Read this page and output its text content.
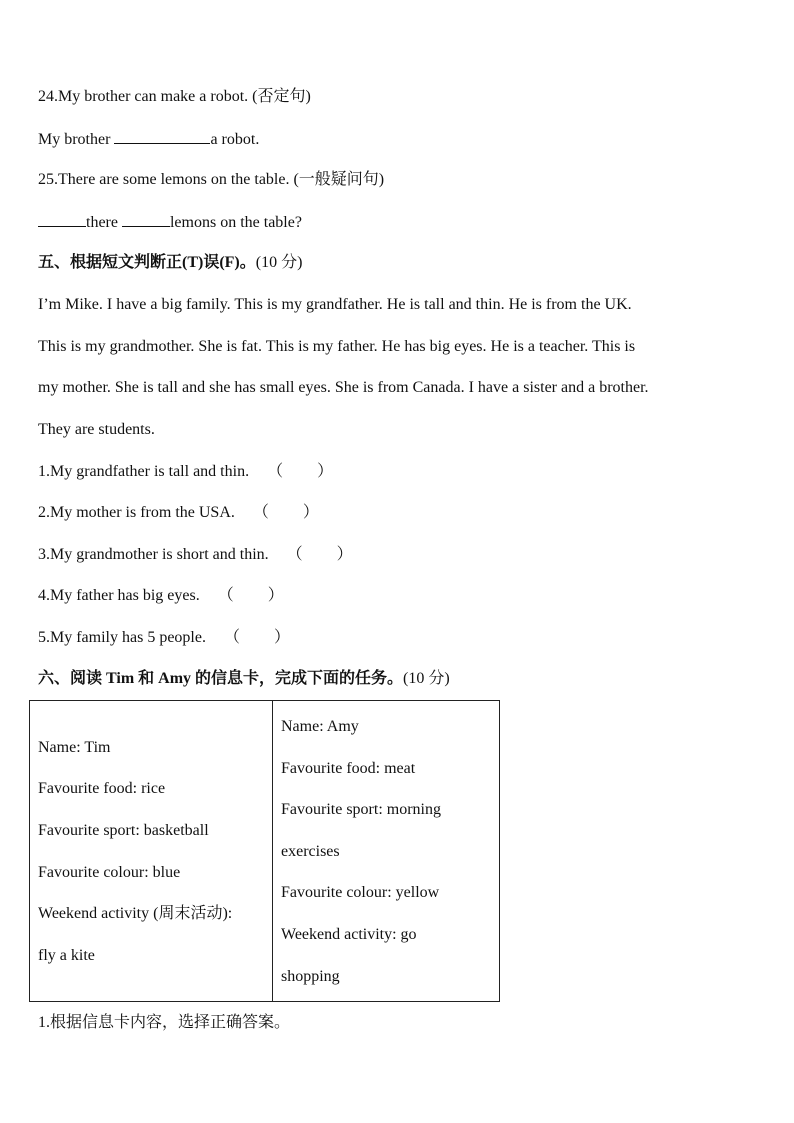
24.My brother can make a robot. (否定句)
My brother	a robot.
25.There are some lemons on the table. (一般疑问句)
there	lemons on the table?
五、根据短文判断正(T)误(F)。(10 分)
I’m Mike. I have a big family. This is my grandfather. He is tall and thin. He is from the UK.
This is my grandmother. She is fat. This is my father. He has big eyes. He is a teacher. This is
my mother. She is tall and she has small eyes. She is from Canada. I have a sister and a brother.
They are students.
1.My grandfather is tall and thin. （ ）
2.My mother is from the USA. （ ）
3.My grandmother is short and thin. （ ）
4.My father has big eyes. （ ）
5.My family has 5 people. （ ）
六、阅读 Tim 和 Amy 的信息卡，完成下面的任务。(10 分)
Name: Tim
Favourite food: rice
Favourite sport: basketball
Favourite colour: blue
Weekend activity (周末活动):
fly a kite

Name: Amy
Favourite food: meat
Favourite sport: morning
exercises
Favourite colour: yellow
Weekend activity: go
shopping
1.根据信息卡内容，选择正确答案。
